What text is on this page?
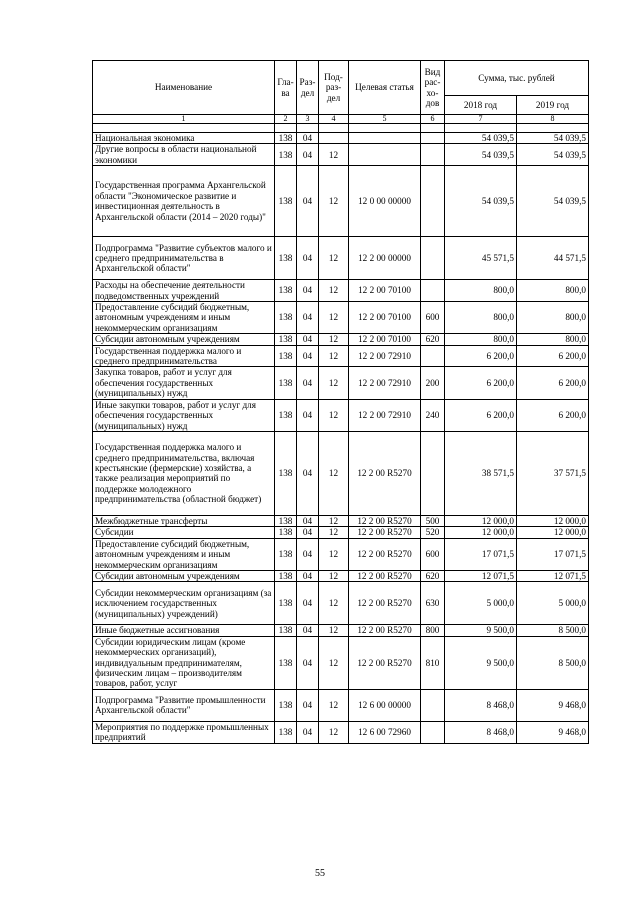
Наименование	Гла- ва	Раз- дел	Под- раз- дел	Целевая статья	Вид рас- хо- дов	Сумма, тыс. рублей	
						2018 год	2019 год
1	2	3	4	5	6	7	8

Национальная экономика	138	04				54 039,5	54 039,5
Другие вопросы в области национальной экономики	138	04	12			54 039,5	54 039,5
Государственная программа Архангельской области "Экономическое развитие и инвестиционная деятельность в Архангельской области (2014 – 2020 годы)"	138	04	12	12 0 00 00000		54 039,5	54 039,5
Подпрограмма "Развитие субъектов малого и среднего предпринимательства в Архангельской области"	138	04	12	12 2 00 00000		45 571,5	44 571,5
Расходы на обеспечение деятельности подведомственных учреждений	138	04	12	12 2 00 70100		800,0	800,0
Предоставление субсидий бюджетным, автономным учреждениям и иным некоммерческим организациям	138	04	12	12 2 00 70100	600	800,0	800,0
Субсидии автономным учреждениям	138	04	12	12 2 00 70100	620	800,0	800,0
Государственная поддержка малого и среднего предпринимательства	138	04	12	12 2 00 72910		6 200,0	6 200,0
Закупка товаров, работ и услуг для обеспечения государственных (муниципальных) нужд	138	04	12	12 2 00 72910	200	6 200,0	6 200,0
Иные закупки товаров, работ и услуг для обеспечения государственных (муниципальных) нужд	138	04	12	12 2 00 72910	240	6 200,0	6 200,0
Государственная поддержка малого и среднего предпринимательства, включая крестьянские (фермерские) хозяйства, а также реализация мероприятий по поддержке молодежного предпринимательства (областной бюджет)	138	04	12	12 2 00 R5270		38 571,5	37 571,5
Межбюджетные трансферты	138	04	12	12 2 00 R5270	500	12 000,0	12 000,0
Субсидии	138	04	12	12 2 00 R5270	520	12 000,0	12 000,0
Предоставление субсидий бюджетным, автономным учреждениям и иным некоммерческим организациям	138	04	12	12 2 00 R5270	600	17 071,5	17 071,5
Субсидии автономным учреждениям	138	04	12	12 2 00 R5270	620	12 071,5	12 071,5
Субсидии некоммерческим организациям (за исключением государственных (муниципальных) учреждений)	138	04	12	12 2 00 R5270	630	5 000,0	5 000,0
Иные бюджетные ассигнования	138	04	12	12 2 00 R5270	800	9 500,0	8 500,0
Субсидии юридическим лицам (кроме некоммерческих организаций), индивидуальным предпринимателям, физическим лицам – производителям товаров, работ, услуг	138	04	12	12 2 00 R5270	810	9 500,0	8 500,0
Подпрограмма "Развитие промышленности Архангельской области"	138	04	12	12 6 00 00000		8 468,0	9 468,0
Мероприятия по поддержке промышленных предприятий	138	04	12	12 6 00 72960		8 468,0	9 468,0
55
